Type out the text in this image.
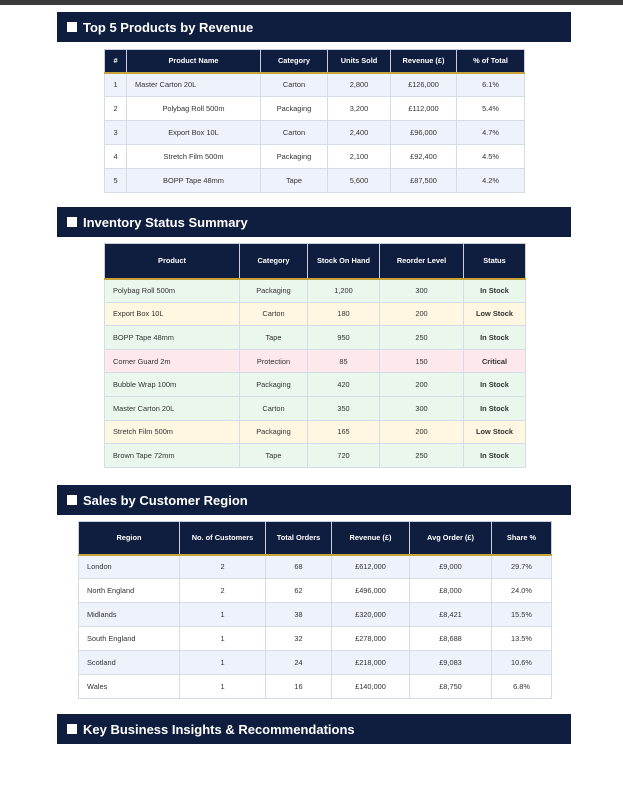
Top 5 Products by Revenue
#	Product Name	Category	Units Sold	Revenue (£)	% of Total
1	Master Carton 20L	Carton	2,800	£126,000	6.1%
2	Polybag Roll 500m	Packaging	3,200	£112,000	5.4%
3	Export Box 10L	Carton	2,400	£96,000	4.7%
4	Stretch Film 500m	Packaging	2,100	£92,400	4.5%
5	BOPP Tape 48mm	Tape	5,600	£87,500	4.2%
Inventory Status Summary
Product	Category	Stock On Hand	Reorder Level	Status
Polybag Roll 500m	Packaging	1,200	300	In Stock
Export Box 10L	Carton	180	200	Low Stock
BOPP Tape 48mm	Tape	950	250	In Stock
Corner Guard 2m	Protection	85	150	Critical
Bubble Wrap 100m	Packaging	420	200	In Stock
Master Carton 20L	Carton	350	300	In Stock
Stretch Film 500m	Packaging	165	200	Low Stock
Brown Tape 72mm	Tape	720	250	In Stock
Sales by Customer Region
Region	No. of Customers	Total Orders	Revenue (£)	Avg Order (£)	Share %
London	2	68	£612,000	£9,000	29.7%
North England	2	62	£496,000	£8,000	24.0%
Midlands	1	38	£320,000	£8,421	15.5%
South England	1	32	£278,000	£8,688	13.5%
Scotland	1	24	£218,000	£9,083	10.6%
Wales	1	16	£140,000	£8,750	6.8%
Key Business Insights & Recommendations
